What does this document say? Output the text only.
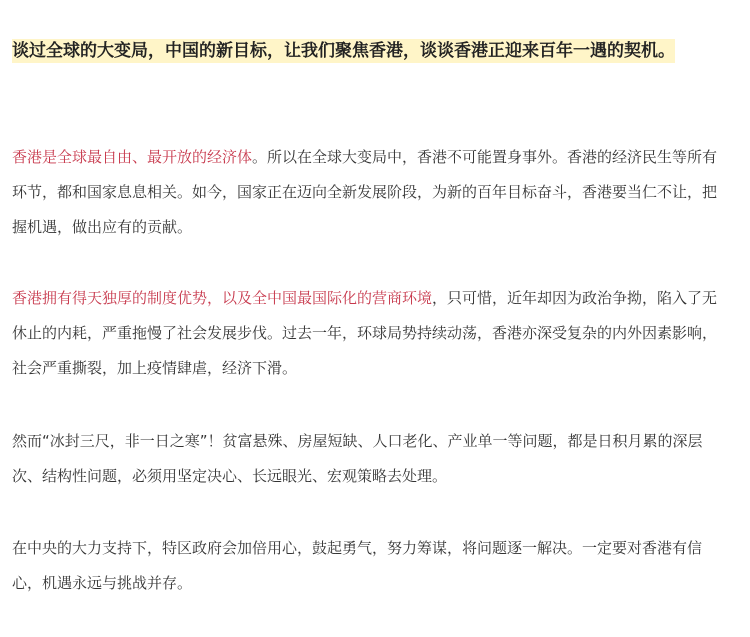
谈过全球的大变局，中国的新目标，让我们聚焦香港，谈谈香港正迎来百年一遇的契机。

香港是全球最自由、最开放的经济体。所以在全球大变局中，香港不可能置身事外。香港的经济民生等所有环节，都和国家息息相关。如今，国家正在迈向全新发展阶段，为新的百年目标奋斗，香港要当仁不让，把握机遇，做出应有的贡献。

香港拥有得天独厚的制度优势，以及全中国最国际化的营商环境，只可惜，近年却因为政治争拗，陷入了无休止的内耗，严重拖慢了社会发展步伐。过去一年，环球局势持续动荡，香港亦深受复杂的内外因素影响，社会严重撕裂，加上疫情肆虐，经济下滑。

然而“冰封三尺，非一日之寒”！贫富悬殊、房屋短缺、人口老化、产业单一等问题，都是日积月累的深层次、结构性问题，必须用坚定决心、长远眼光、宏观策略去处理。

在中央的大力支持下，特区政府会加倍用心，鼓起勇气，努力筹谋，将问题逐一解决。一定要对香港有信心，机遇永远与挑战并存。
